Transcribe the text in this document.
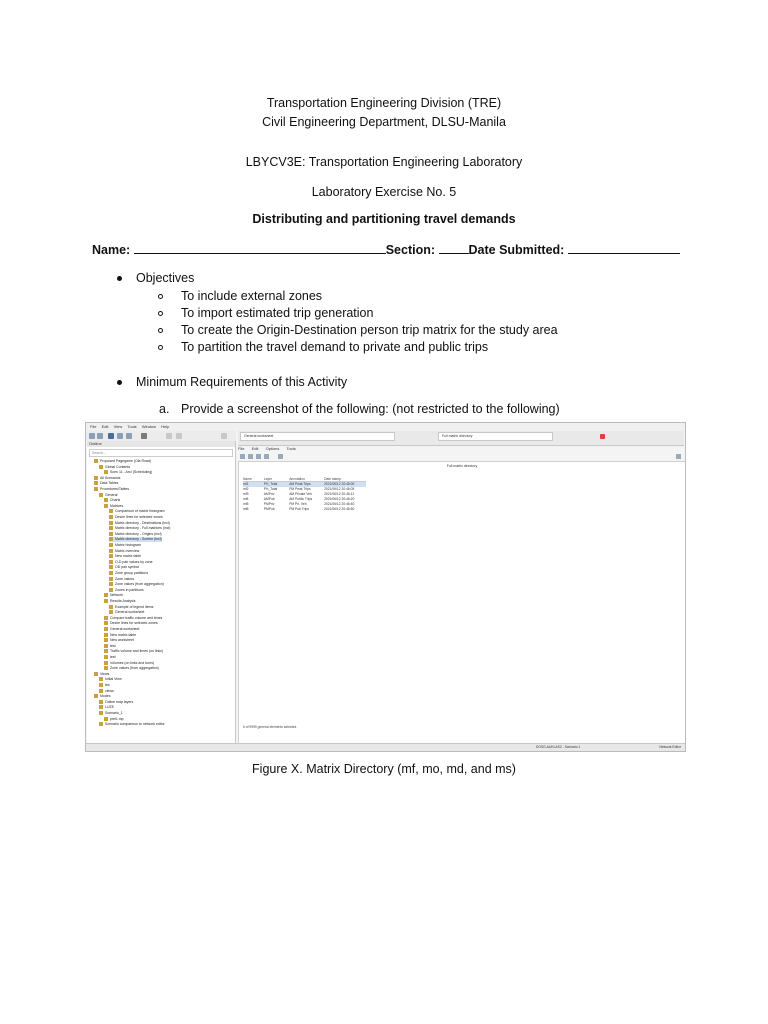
Transportation Engineering Division (TRE)
Civil Engineering Department, DLSU-Manila
LBYCV3E: Transportation Engineering Laboratory
Laboratory Exercise No. 5
Distributing and partitioning travel demands
Name:	Section:	Date Submitted:
Objectives
To include external zones
To import estimated trip generation
To create the Origin-Destination person trip matrix for the study area
To partition the travel demand to private and public trips
Minimum Requirements of this Activity
a. Provide a screenshot of the following: (not restricted to the following)
File Edit View Tools Window Help
Outline
Search...
Proposed Pagegame (Ola Road)
Global Contents
Scen 11 - ArcI (Scheduling)
All Scenarios
Data Tables
Procedures/Tables
General
Charts
Matrices
Comparison of matrix histogram
Desire lines for selected zones
Matrix directory - Destinations (incl)
Matrix directory - Full matrices (incl)
Matrix directory - Origins (incl)
Matrix directory - Screen (incl)
Matrix histogram
Matrix overview
New matrix table
O-D pair values by zone
OD pair symbol
Zone group partitions
Zone values
Zone values (from aggregation)
Zones in partitions
Network
Results Analysis
Example of legend items
General worksheet
Compare traffic volume and times
Desire lines for selected zones
General worksheet
New matrix table
New worksheet
test
Traffic volume and times (on links)
test
Volumes (on links and turns)
Zone values (from aggregation)
Views
Initial View
tes
views
Modes
Online map layers
LUZE
Scenario_1
prel1.mp
Scenario comparison to network editor
General worksheet	Full matrix directory
File Edit Options Tools
Full matrix directory
Name	Layer	Annotation	Date stamp
mf1	PH_Total	AM Peak Trips	2021/06/12 20:45:00
mf2	PH_Total	PM Peak Trips	2021/06/12 20:46:05
mf3	AMPriv	AM Private Veh	2021/06/12 20:46:12
mf4	AMPub	AM Public Trips	2021/06/12 20:46:20
mf5	PMPriv	PM Pri. Veh	2021/06/12 20:46:40
mf6	PMPub	PM Pub Trips	2021/06/12 20:46:50
6 of 9999 general elements selected.
DOSG-AUKLAS2 - Scenario 1	Network Editor
Figure X. Matrix Directory (mf, mo, md, and ms)
